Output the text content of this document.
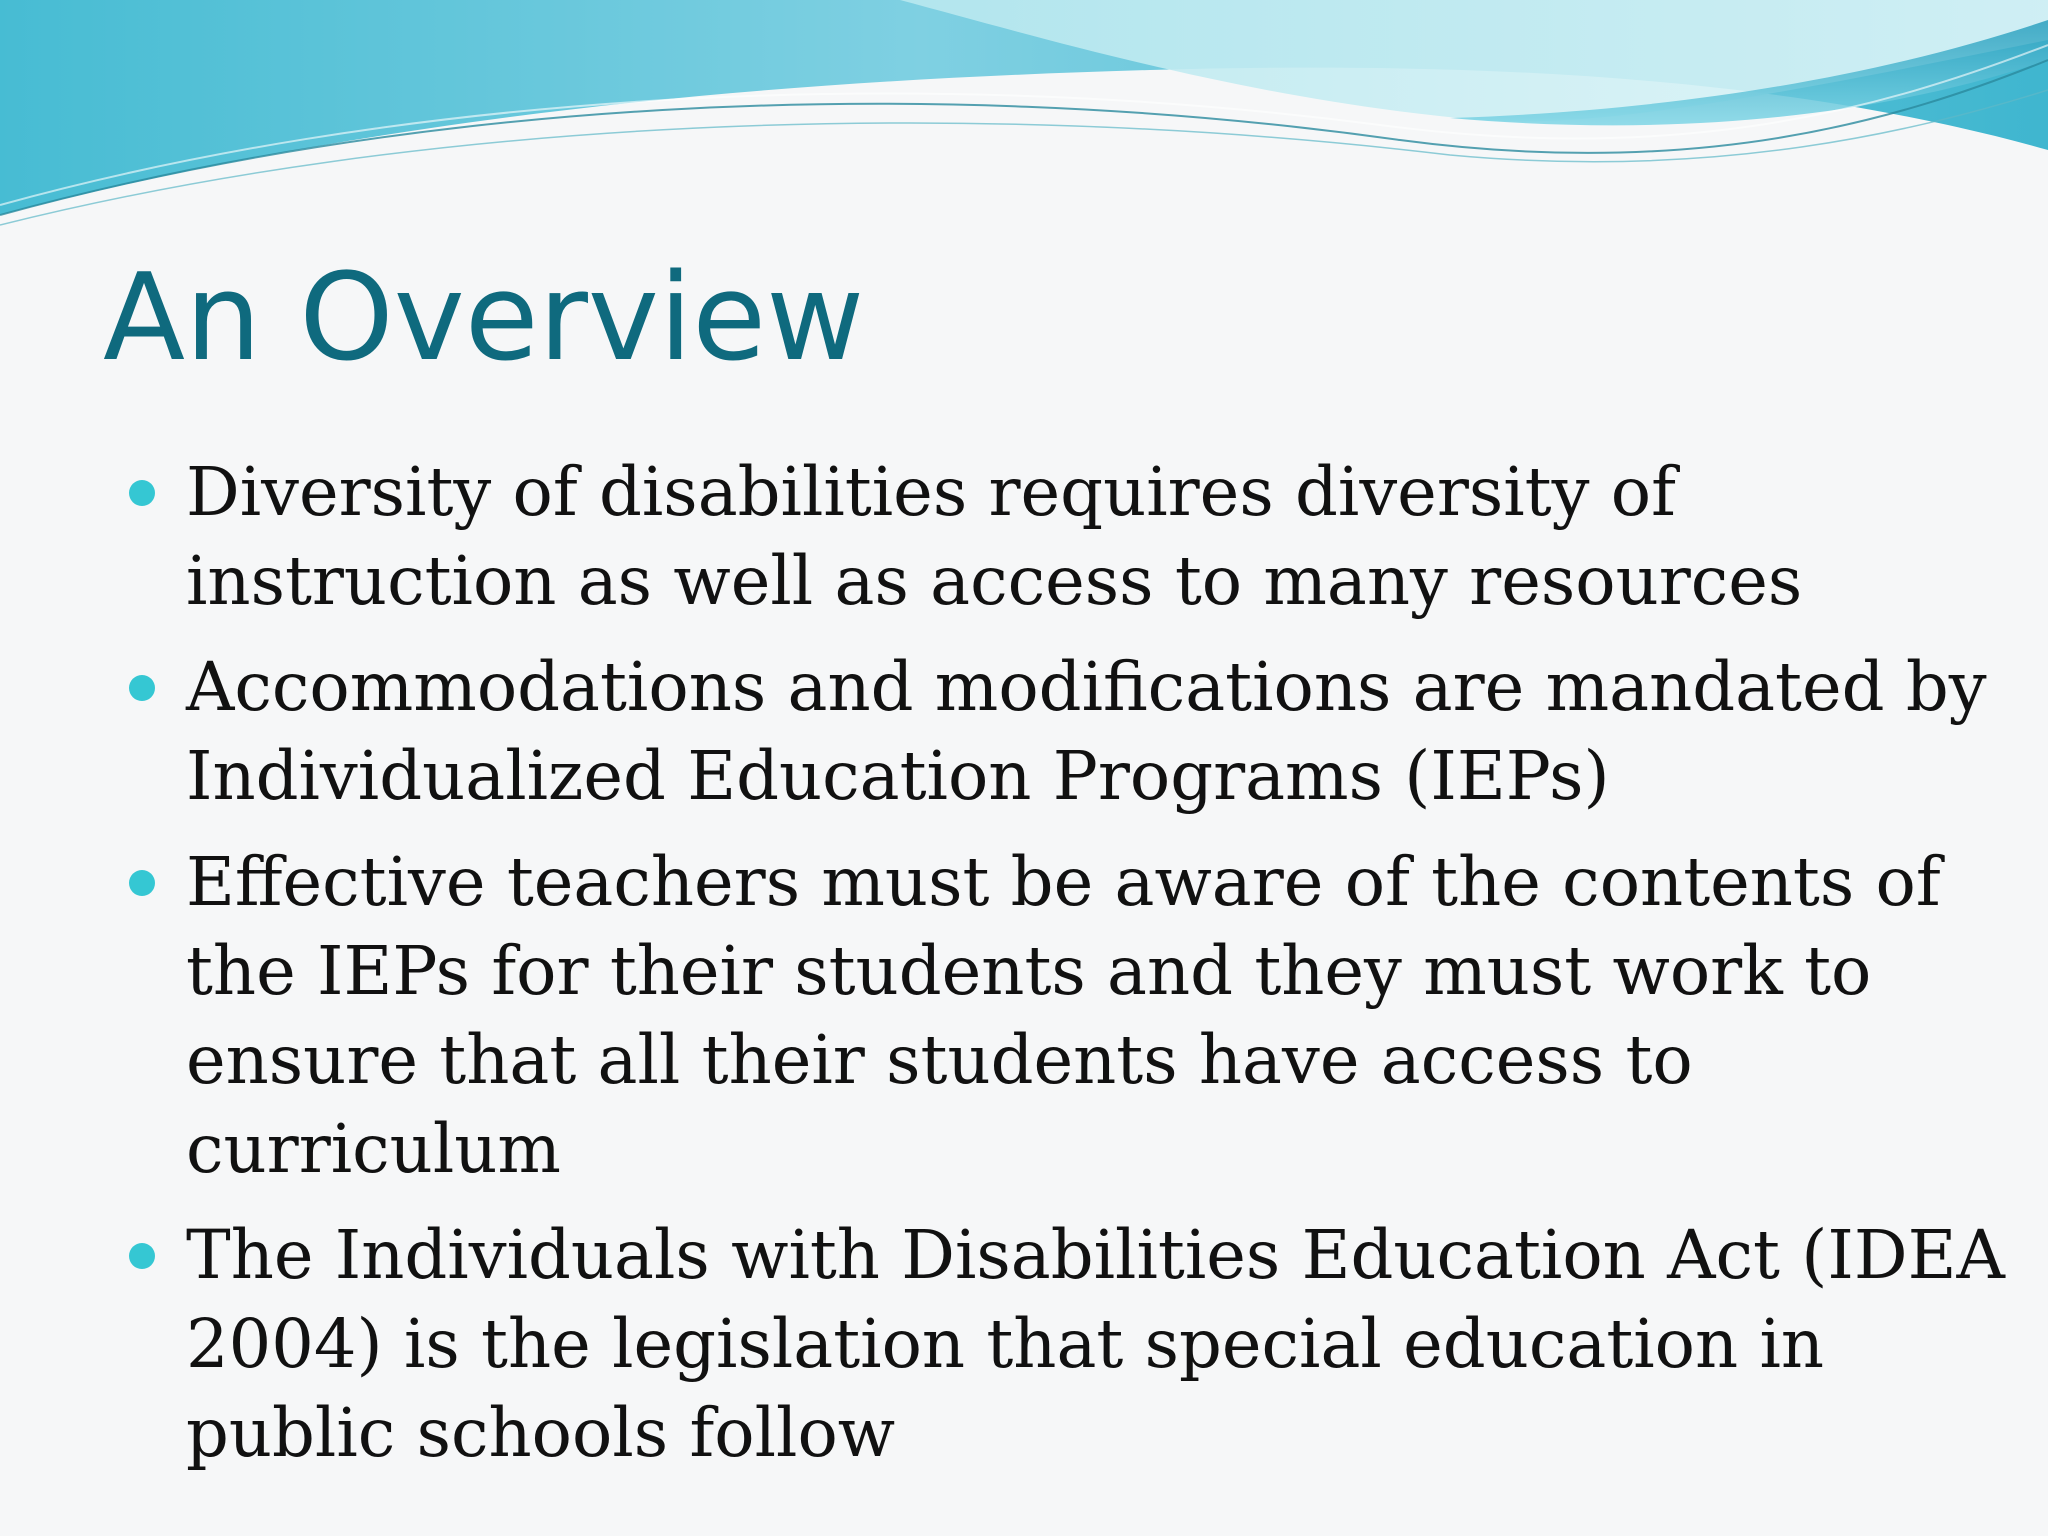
An Overview
Diversity of disabilities requires diversity of instruction as well as access to many resources
Accommodations and modifications are mandated by Individualized Education Programs (IEPs)
Effective teachers must be aware of the contents of the IEPs for their students and they must work to ensure that all their students have access to curriculum
The Individuals with Disabilities Education Act (IDEA 2004) is the legislation that special education in public schools follow
